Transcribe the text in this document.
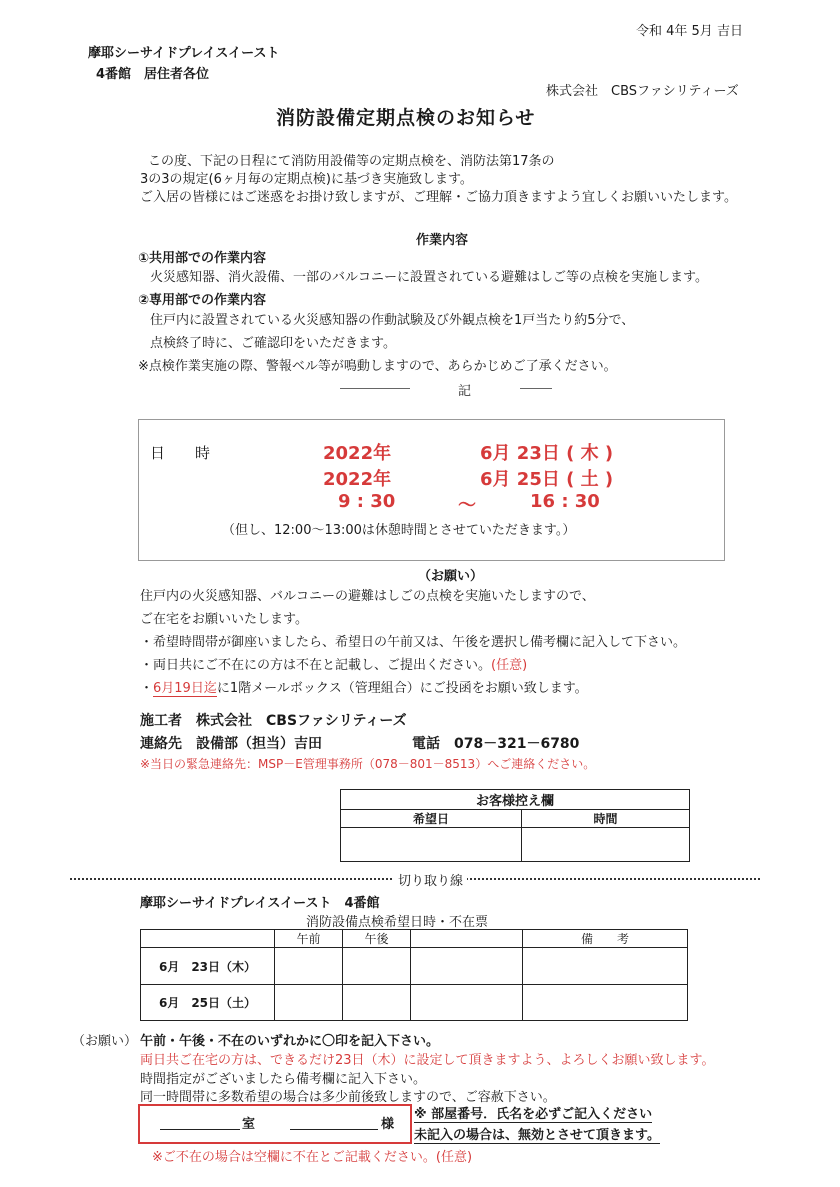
令和 4年 5月 吉日
摩耶シーサイドプレイスイースト
4番館　居住者各位
株式会社　CBSファシリティーズ
消防設備定期点検のお知らせ
この度、下記の日程にて消防用設備等の定期点検を、消防法第17条の
3の3の規定(6ヶ月毎の定期点検)に基づき実施致します。
ご入居の皆様にはご迷惑をお掛け致しますが、ご理解・ご協力頂きますよう宜しくお願いいたします。
作業内容
①共用部での作業内容
火災感知器、消火設備、一部のバルコニーに設置されている避難はしご等の点検を実施します。
②専用部での作業内容
住戸内に設置されている火災感知器の作動試験及び外観点検を1戸当たり約5分で、
点検終了時に、ご確認印をいただきます。
※点検作業実施の際、警報ベル等が鳴動しますので、あらかじめご了承ください。
記
日　　時	2022年	6月 23日 ( 木 )
2022年	6月 25日 ( 土 )
9 : 30	～	16 : 30
（但し、12:00～13:00は休憩時間とさせていただきます。）
（お願い）
住戸内の火災感知器、バルコニーの避難はしごの点検を実施いたしますので、
ご在宅をお願いいたします。
・希望時間帯が御座いましたら、希望日の午前又は、午後を選択し備考欄に記入して下さい。
・両日共にご不在にの方は不在と記載し、ご提出ください。(任意)
・6月19日迄に1階メールボックス（管理組合）にご投函をお願い致します。
施工者　株式会社　CBSファシリティーズ
連絡先　設備部（担当）吉田	電話　078－321－6780
※当日の緊急連絡先：MSP－E管理事務所（078－801－8513）へご連絡ください。
お客様控え欄	
希望日	時間

切り取り線
摩耶シーサイドプレイスイースト　4番館
消防設備点検希望日時・不在票
	午前	午後		備　　考
6月　23日（木）				
6月　25日（土）				
（お願い） 午前・午後・不在のいずれかに〇印を記入下さい。
両日共ご在宅の方は、できるだけ23日（木）に設定して頂きますよう、よろしくお願い致します。
時間指定がございましたら備考欄に記入下さい。
同一時間帯に多数希望の場合は多少前後致しますので、ご容赦下さい。
室	様
※ 部屋番号．氏名を必ずご記入ください
未記入の場合は、無効とさせて頂きます。
※ご不在の場合は空欄に不在とご記載ください。(任意)
